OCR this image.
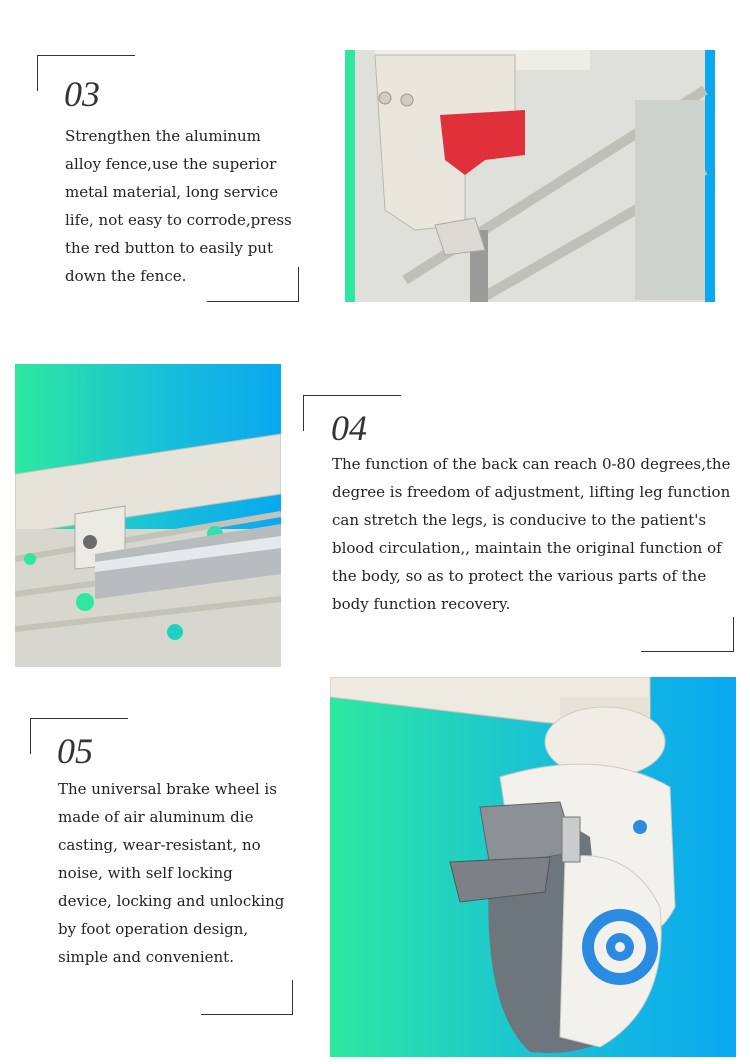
03
Strengthen the aluminum
alloy fence,use the superior
metal material, long service
life, not easy to corrode,press
the red button to easily put
down the fence.
04
The function of the back can reach 0-80 degrees,the
degree is freedom of adjustment, lifting leg function
can stretch the legs, is conducive to the patient's
blood circulation,, maintain the original function of
the body, so as to protect the various parts of the
body function recovery.
05
The universal brake wheel is
made of air aluminum die
casting, wear-resistant, no
noise, with self locking
device, locking and unlocking
by foot operation design,
simple and convenient.
